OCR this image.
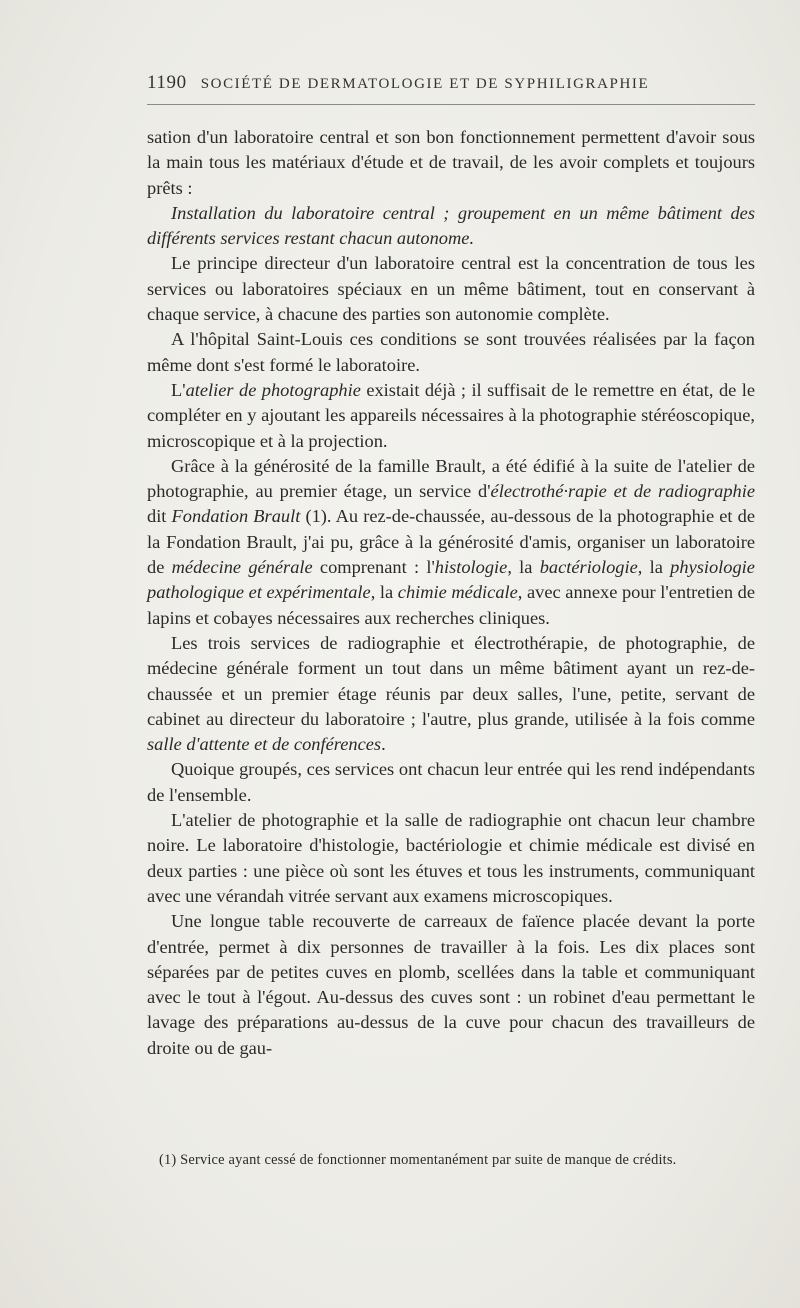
1190 SOCIÉTÉ DE DERMATOLOGIE ET DE SYPHILIGRAPHIE

sation d'un laboratoire central et son bon fonctionnement permettent d'avoir sous la main tous les matériaux d'étude et de travail, de les avoir complets et toujours prêts :

Installation du laboratoire central ; groupement en un même bâtiment des différents services restant chacun autonome.

Le principe directeur d'un laboratoire central est la concentration de tous les services ou laboratoires spéciaux en un même bâtiment, tout en conservant à chaque service, à chacune des parties son autonomie complète.

A l'hôpital Saint-Louis ces conditions se sont trouvées réalisées par la façon même dont s'est formé le laboratoire.

L'atelier de photographie existait déjà ; il suffisait de le remettre en état, de le compléter en y ajoutant les appareils nécessaires à la photographie stéréoscopique, microscopique et à la projection.

Grâce à la générosité de la famille Brault, a été édifié à la suite de l'atelier de photographie, au premier étage, un service d'électrothé·rapie et de radiographie dit Fondation Brault (1). Au rez-de-chaussée, au-dessous de la photographie et de la Fondation Brault, j'ai pu, grâce à la générosité d'amis, organiser un laboratoire de médecine générale comprenant : l'histologie, la bactériologie, la physiologie pathologique et expérimentale, la chimie médicale, avec annexe pour l'entretien de lapins et cobayes nécessaires aux recherches cliniques.

Les trois services de radiographie et électrothérapie, de photographie, de médecine générale forment un tout dans un même bâtiment ayant un rez-de-chaussée et un premier étage réunis par deux salles, l'une, petite, servant de cabinet au directeur du laboratoire ; l'autre, plus grande, utilisée à la fois comme salle d'attente et de conférences.

Quoique groupés, ces services ont chacun leur entrée qui les rend indépendants de l'ensemble.

L'atelier de photographie et la salle de radiographie ont chacun leur chambre noire. Le laboratoire d'histologie, bactériologie et chimie médicale est divisé en deux parties : une pièce où sont les étuves et tous les instruments, communiquant avec une vérandah vitrée servant aux examens microscopiques.

Une longue table recouverte de carreaux de faïence placée devant la porte d'entrée, permet à dix personnes de travailler à la fois. Les dix places sont séparées par de petites cuves en plomb, scellées dans la table et communiquant avec le tout à l'égout. Au-dessus des cuves sont : un robinet d'eau permettant le lavage des préparations au-dessus de la cuve pour chacun des travailleurs de droite ou de gau-

(1) Service ayant cessé de fonctionner momentanément par suite de manque de crédits.
